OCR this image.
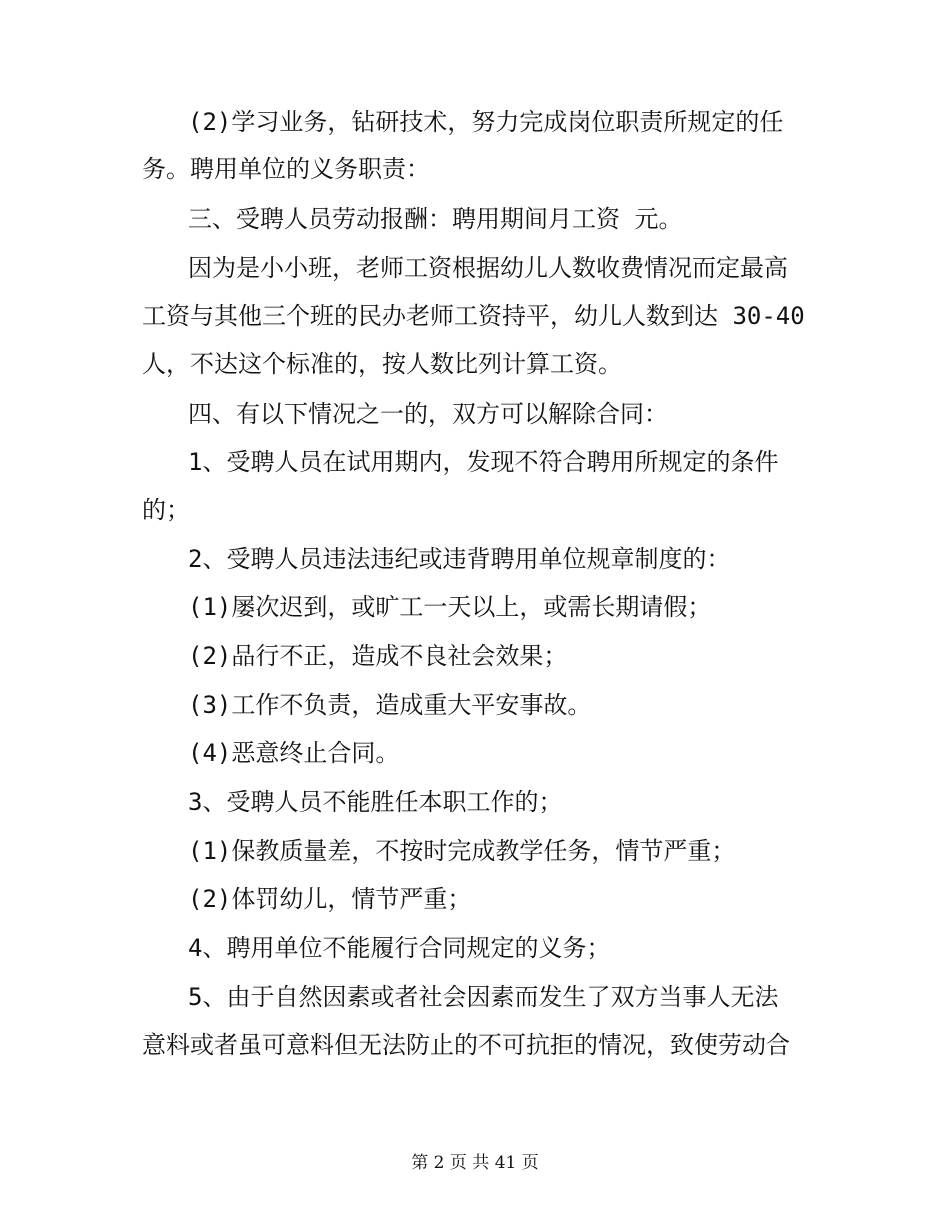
(2)学习业务，钻研技术，努力完成岗位职责所规定的任
务。聘用单位的义务职责：
三、受聘人员劳动报酬：聘用期间月工资 元。
因为是小小班，老师工资根据幼儿人数收费情况而定最高
工资与其他三个班的民办老师工资持平，幼儿人数到达 30-40
人，不达这个标准的，按人数比列计算工资。
四、有以下情况之一的，双方可以解除合同：
1、受聘人员在试用期内，发现不符合聘用所规定的条件
的；
2、受聘人员违法违纪或违背聘用单位规章制度的：
(1)屡次迟到，或旷工一天以上，或需长期请假；
(2)品行不正，造成不良社会效果；
(3)工作不负责，造成重大平安事故。
(4)恶意终止合同。
3、受聘人员不能胜任本职工作的；
(1)保教质量差，不按时完成教学任务，情节严重；
(2)体罚幼儿，情节严重；
4、聘用单位不能履行合同规定的义务；
5、由于自然因素或者社会因素而发生了双方当事人无法
意料或者虽可意料但无法防止的不可抗拒的情况，致使劳动合
第 2 页 共 41 页
